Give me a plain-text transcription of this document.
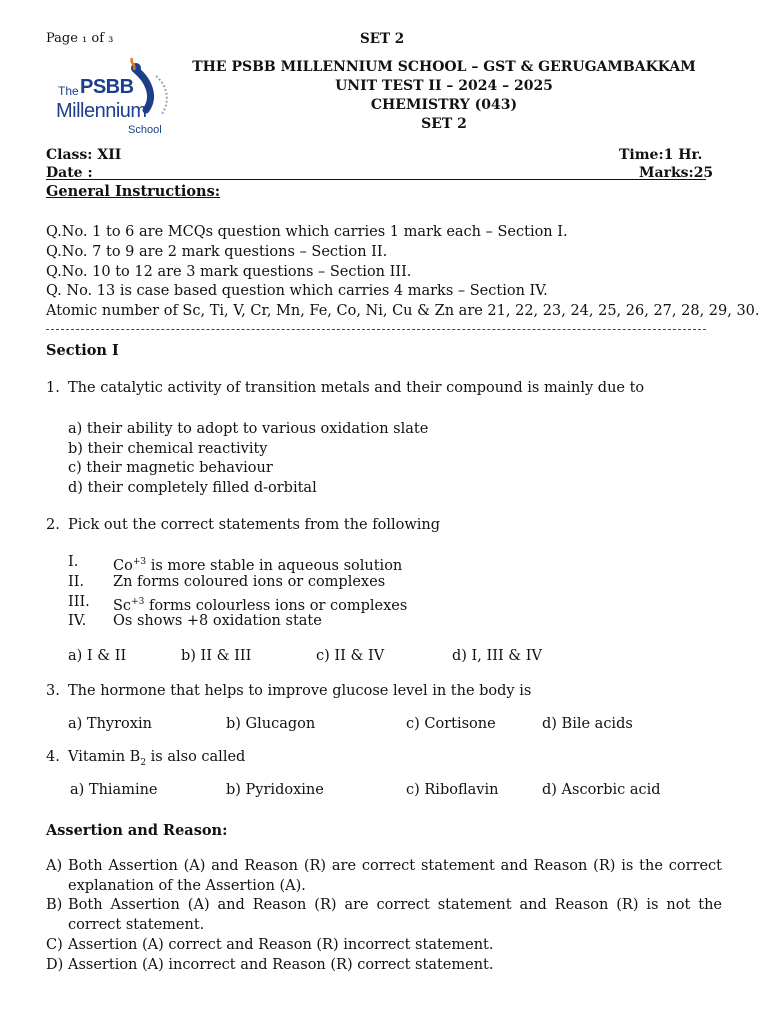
Page ₁ of ₃	SET 2
The PSBB
Millennium
School
THE PSBB MILLENNIUM SCHOOL – GST & GERUGAMBAKKAM
UNIT TEST II – 2024 – 2025
CHEMISTRY (043)
SET 2
Class: XII	Time:1 Hr.
Date :	Marks:25
General Instructions:
Q.No. 1 to 6 are MCQs question which carries 1 mark each – Section I.
Q.No. 7 to 9 are 2 mark questions – Section II.
Q.No. 10 to 12 are 3 mark questions – Section III.
Q. No. 13 is case based question which carries 4 marks – Section IV.
Atomic number of Sc, Ti, V, Cr, Mn, Fe, Co, Ni, Cu & Zn are 21, 22, 23, 24, 25, 26, 27, 28, 29, 30.
Section I
1. The catalytic activity of transition metals and their compound is mainly due to
a) their ability to adopt to various oxidation slate
b) their chemical reactivity
c) their magnetic behaviour
d) their completely filled d-orbital
2. Pick out the correct statements from the following
I. $Co^{+3}$ is more stable in aqueous solution
II. Zn forms coloured ions or complexes
III. $Sc^{+3}$ forms colourless ions or complexes
IV. Os shows +8 oxidation state
a) I & II	b) II & III	c) II & IV	d) I, III & IV
3. The hormone that helps to improve glucose level in the body is
a) Thyroxin	b) Glucagon	c) Cortisone	d) Bile acids
4. Vitamin $B_2$ is also called
a) Thiamine	b) Pyridoxine	c) Riboflavin	d) Ascorbic acid
Assertion and Reason:
A) Both Assertion (A) and Reason (R) are correct statement and Reason (R) is the correct explanation of the Assertion (A).
B) Both Assertion (A) and Reason (R) are correct statement and Reason (R) is not the correct statement.
C) Assertion (A) correct and Reason (R) incorrect statement.
D) Assertion (A) incorrect and Reason (R) correct statement.
